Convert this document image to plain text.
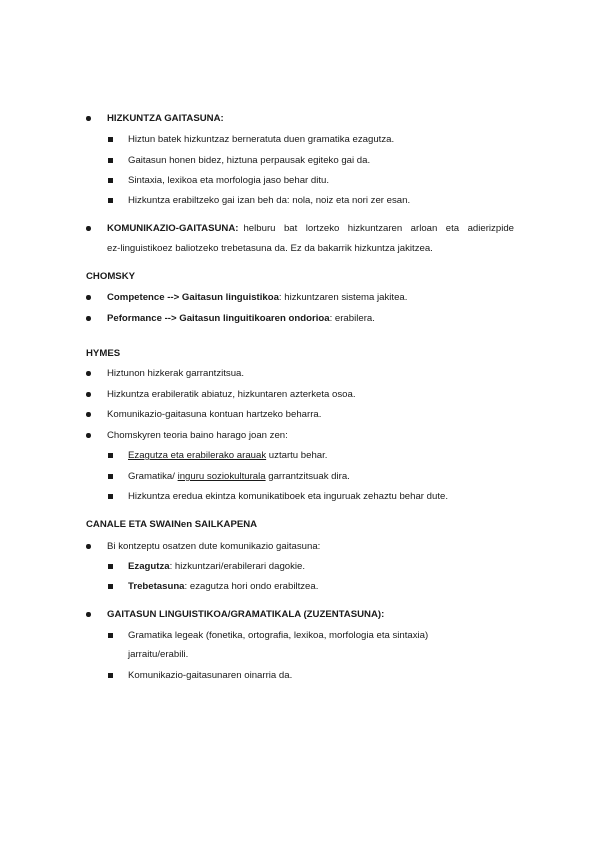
HIZKUNTZA GAITASUNA:
Hiztun batek hizkuntzaz berneratuta duen gramatika ezagutza.
Gaitasun honen bidez, hiztuna perpausak egiteko gai da.
Sintaxia, lexikoa eta morfologia jaso behar ditu.
Hizkuntza erabiltzeko gai izan beh da: nola, noiz eta nori zer esan.
KOMUNIKAZIO-GAITASUNA: helburu bat lortzeko hizkuntzaren arloan eta adierizpide
ez-linguistikoez baliotzeko trebetasuna da. Ez da bakarrik hizkuntza jakitzea.
CHOMSKY
Competence --> Gaitasun linguistikoa: hizkuntzaren sistema jakitea.
Peformance --> Gaitasun linguitikoaren ondorioa: erabilera.
HYMES
Hiztunon hizkerak garrantzitsua.
Hizkuntza erabileratik abiatuz, hizkuntaren azterketa osoa.
Komunikazio-gaitasuna kontuan hartzeko beharra.
Chomskyren teoria baino harago joan zen:
Ezagutza eta erabilerako arauak uztartu behar.
Gramatika/ inguru soziokulturala garrantzitsuak dira.
Hizkuntza eredua ekintza komunikatiboek eta inguruak zehaztu behar dute.
CANALE ETA SWAINen SAILKAPENA
Bi kontzeptu osatzen dute komunikazio gaitasuna:
Ezagutza: hizkuntzari/erabilerari dagokie.
Trebetasuna: ezagutza hori ondo erabiltzea.
GAITASUN LINGUISTIKOA/GRAMATIKALA (ZUZENTASUNA):
Gramatika legeak (fonetika, ortografia, lexikoa, morfologia eta sintaxia)
jarraitu/erabili.
Komunikazio-gaitasunaren oinarria da.
